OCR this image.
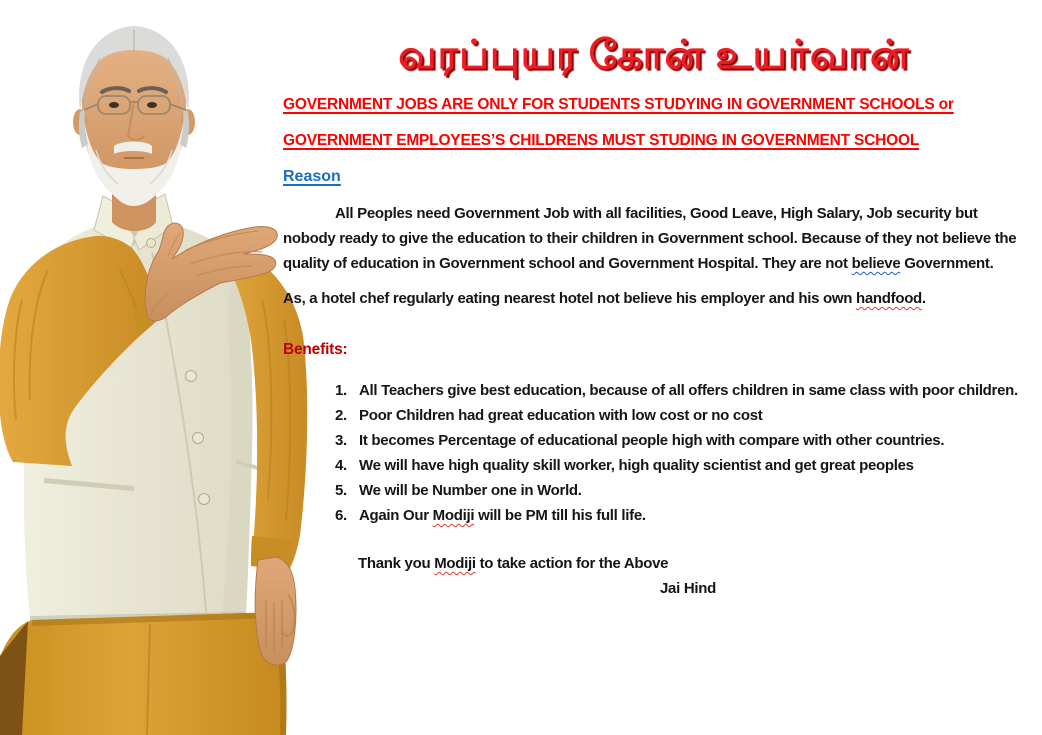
வரப்புயர கோன் உயர்வான்
GOVERNMENT JOBS ARE ONLY FOR STUDENTS STUDYING IN GOVERNMENT SCHOOLS or
GOVERNMENT EMPLOYEES’S CHILDRENS MUST STUDING IN GOVERNMENT SCHOOL
Reason

All Peoples need Government Job with all facilities, Good Leave, High Salary, Job security but nobody ready to give the education to their children in Government school. Because of they not believe the quality of education in Government school and Government Hospital. They are not believe Government.

As, a hotel chef regularly eating nearest hotel not believe his employer and his own handfood.

Benefits:
1. All Teachers give best education, because of all offers children in same class with poor children.
2. Poor Children had great education with low cost or no cost
3. It becomes Percentage of educational people high with compare with other countries.
4. We will have high quality skill worker, high quality scientist and get great peoples
5. We will be Number one in World.
6. Again Our Modiji will be PM till his full life.

Thank you Modiji to take action for the Above

Jai Hind
